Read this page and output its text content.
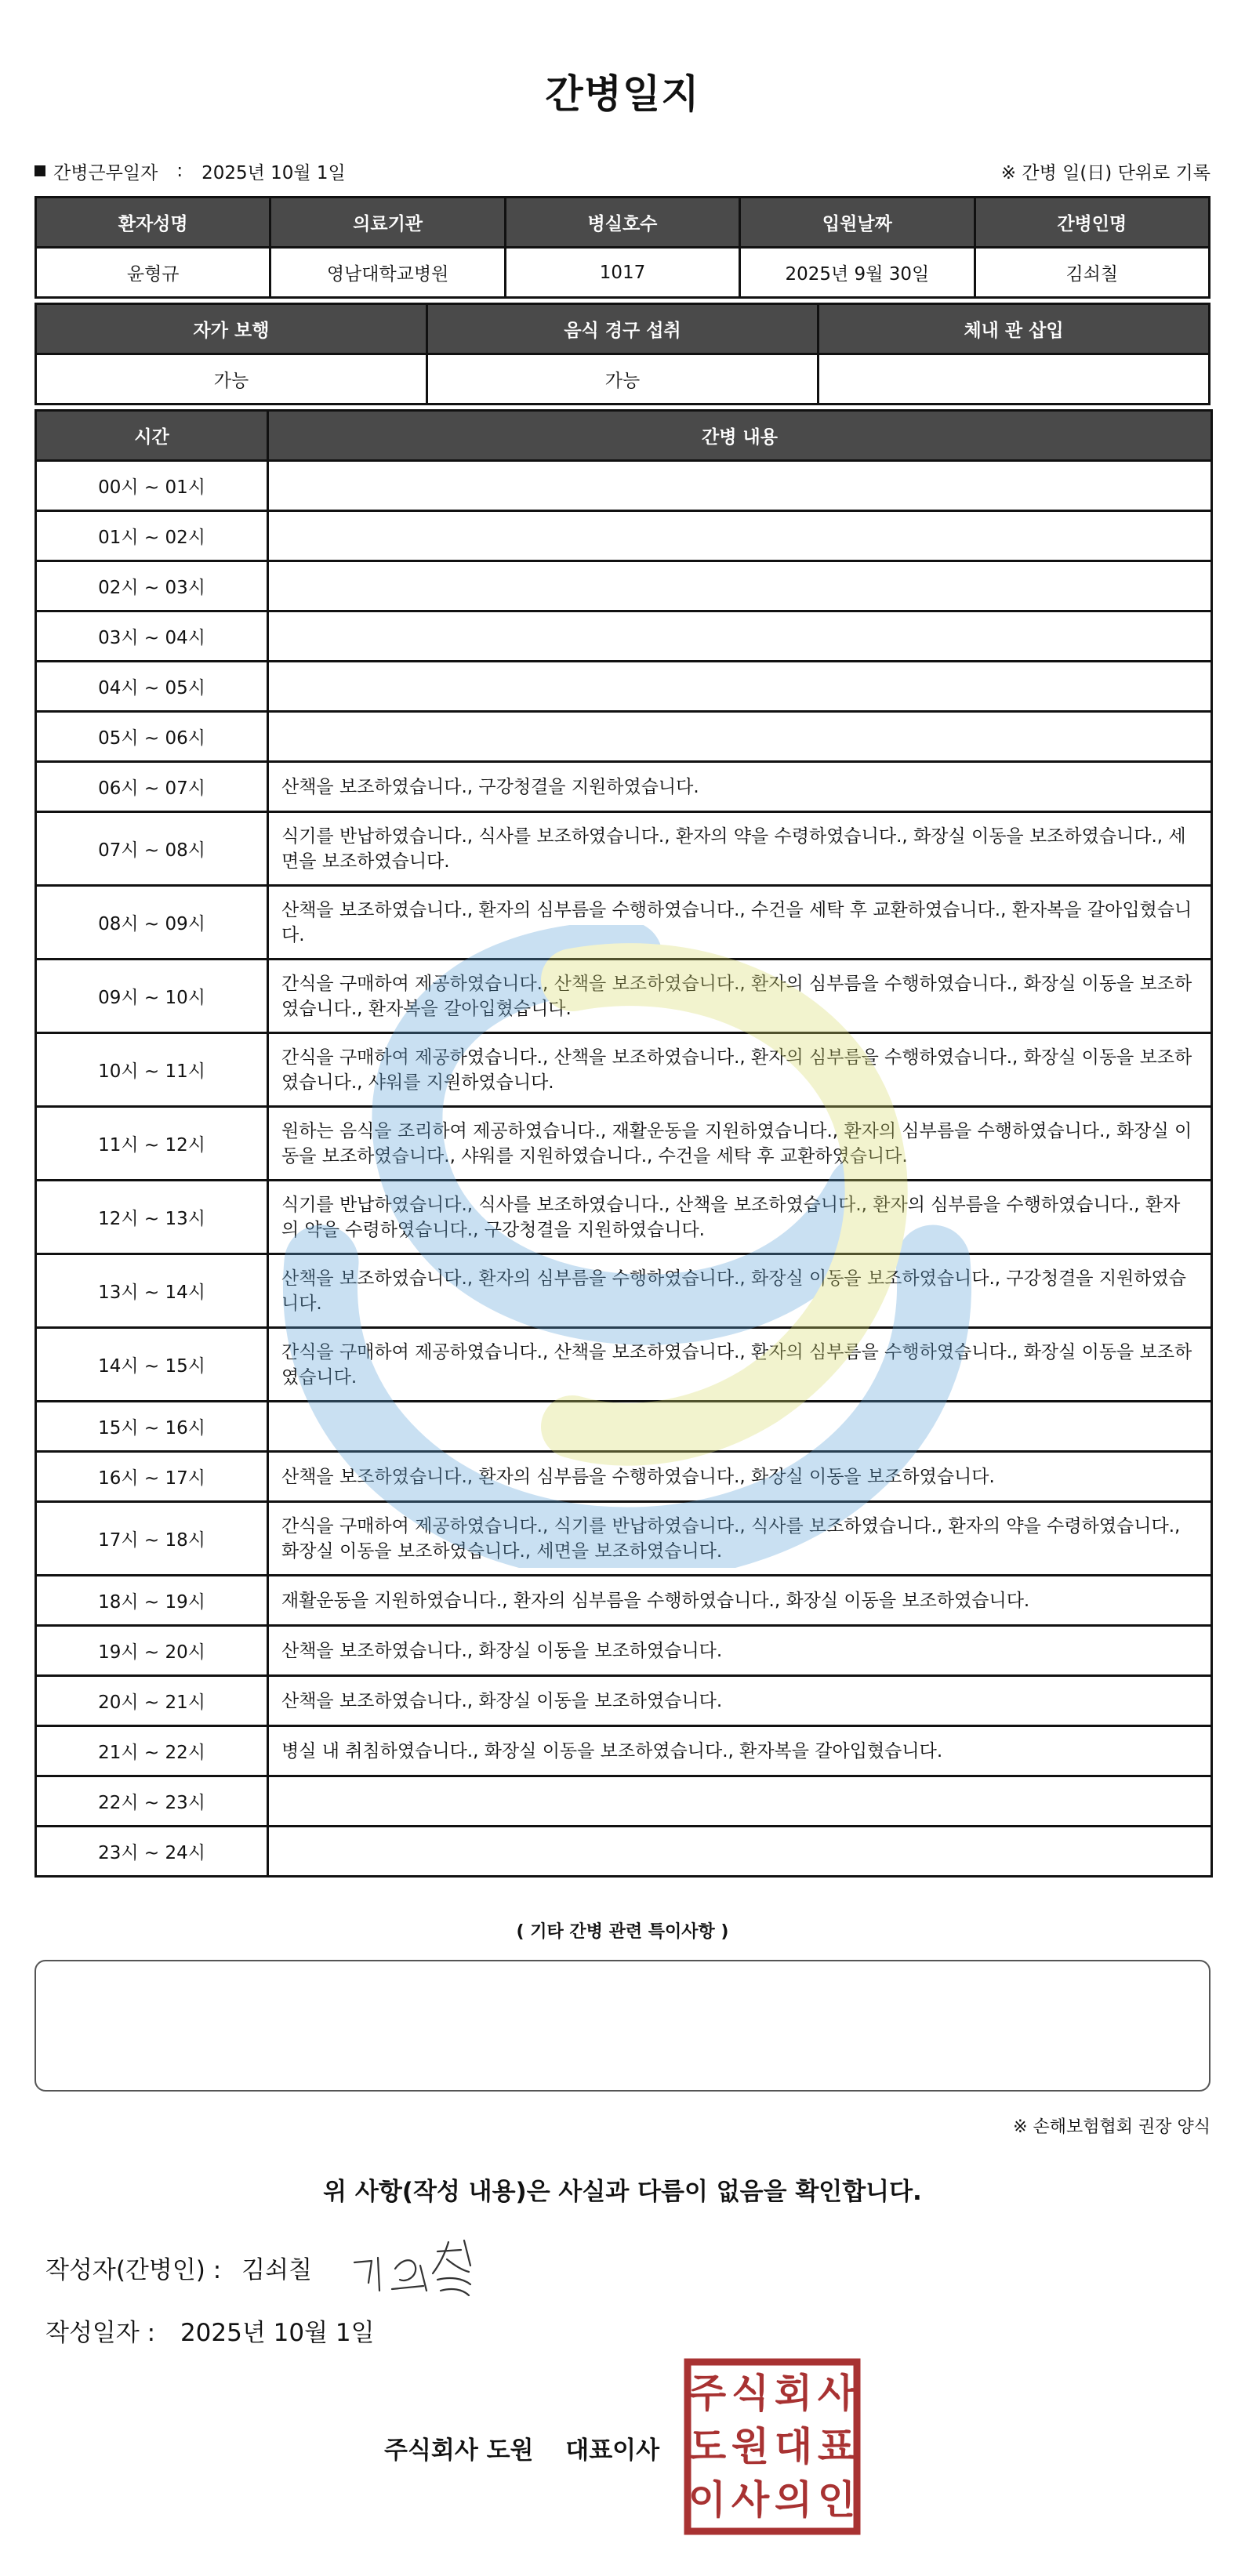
간병일지
간병근무일자 : 2025년 10월 1일	※ 간병 일(日) 단위로 기록
환자성명	의료기관	병실호수	입원날짜	간병인명
윤형규	영남대학교병원	1017	2025년 9월 30일	김쇠칠
자가 보행	음식 경구 섭취	체내 관 삽입
가능	가능	
시간	간병 내용
00시 ~ 01시	
01시 ~ 02시	
02시 ~ 03시	
03시 ~ 04시	
04시 ~ 05시	
05시 ~ 06시	
06시 ~ 07시	산책을 보조하였습니다., 구강청결을 지원하였습니다.
07시 ~ 08시	식기를 반납하였습니다., 식사를 보조하였습니다., 환자의 약을 수령하였습니다., 화장실 이동을 보조하였습니다., 세면을 보조하였습니다.
08시 ~ 09시	산책을 보조하였습니다., 환자의 심부름을 수행하였습니다., 수건을 세탁 후 교환하였습니다., 환자복을 갈아입혔습니다.
09시 ~ 10시	간식을 구매하여 제공하였습니다., 산책을 보조하였습니다., 환자의 심부름을 수행하였습니다., 화장실 이동을 보조하였습니다., 환자복을 갈아입혔습니다.
10시 ~ 11시	간식을 구매하여 제공하였습니다., 산책을 보조하였습니다., 환자의 심부름을 수행하였습니다., 화장실 이동을 보조하였습니다., 샤워를 지원하였습니다.
11시 ~ 12시	원하는 음식을 조리하여 제공하였습니다., 재활운동을 지원하였습니다., 환자의 심부름을 수행하였습니다., 화장실 이동을 보조하였습니다., 샤워를 지원하였습니다., 수건을 세탁 후 교환하였습니다.
12시 ~ 13시	식기를 반납하였습니다., 식사를 보조하였습니다., 산책을 보조하였습니다., 환자의 심부름을 수행하였습니다., 환자의 약을 수령하였습니다., 구강청결을 지원하였습니다.
13시 ~ 14시	산책을 보조하였습니다., 환자의 심부름을 수행하였습니다., 화장실 이동을 보조하였습니다., 구강청결을 지원하였습니다.
14시 ~ 15시	간식을 구매하여 제공하였습니다., 산책을 보조하였습니다., 환자의 심부름을 수행하였습니다., 화장실 이동을 보조하였습니다.
15시 ~ 16시	
16시 ~ 17시	산책을 보조하였습니다., 환자의 심부름을 수행하였습니다., 화장실 이동을 보조하였습니다.
17시 ~ 18시	간식을 구매하여 제공하였습니다., 식기를 반납하였습니다., 식사를 보조하였습니다., 환자의 약을 수령하였습니다., 화장실 이동을 보조하였습니다., 세면을 보조하였습니다.
18시 ~ 19시	재활운동을 지원하였습니다., 환자의 심부름을 수행하였습니다., 화장실 이동을 보조하였습니다.
19시 ~ 20시	산책을 보조하였습니다., 화장실 이동을 보조하였습니다.
20시 ~ 21시	산책을 보조하였습니다., 화장실 이동을 보조하였습니다.
21시 ~ 22시	병실 내 취침하였습니다., 화장실 이동을 보조하였습니다., 환자복을 갈아입혔습니다.
22시 ~ 23시	
23시 ~ 24시	
( 기타 간병 관련 특이사항 )
※ 손해보험협회 권장 양식
위 사항(작성 내용)은 사실과 다름이 없음을 확인합니다.
작성자(간병인) : 김쇠칠
작성일자 : 2025년 10월 1일
주식회사 도원 대표이사
주 식 회 사
도 원 대 표
이 사 의 인
